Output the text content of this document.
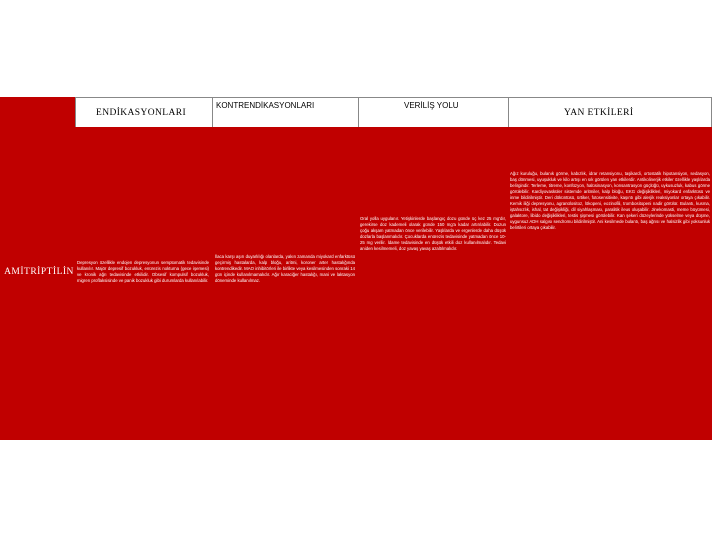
ENDİKASYONLARI
KONTRENDİKASYONLARI	VERİLİŞ YOLU
YAN ETKİLERİ
AMİTRİPTİLİN
Depresyon özellikle endojen depresyonun semptomatik tedavisinde kullanılır. Majör depresif bozukluk, enürezis nokturna (gece işemesi) ve kronik ağrı tedavisinde etkilidir. Obsesif kompulsif bozukluk, migren proflaksisinde ve panik bozukluk gibi durumlarda kullanılabilir.
İlaca karşı aşırı duyarlılığı olanlarda, yakın zamanda miyokard enfarktüsü geçirmiş hastalarda, kalp bloğu, aritmi, koroner arter hastalığında kontrendikedir. MAO inhibitörleri ile birlikte veya kesilmesinden sonraki 14 gün içinde kullanılmamalıdır. Ağır karaciğer hastalığı, mani ve laktasyon döneminde kullanılmaz.
Oral yolla uygulanır. Yetişkinlerde başlangıç dozu günde üç kez 25 mg'dır, gerekirse doz kademeli olarak günde 150 mg'a kadar artırılabilir. Dozun çoğu akşam yatmadan önce verilebilir. Yaşlılarda ve ergenlerde daha düşük dozlarla başlanmalıdır. Çocuklarda enürezis tedavisinde yatmadan önce 10-25 mg verilir. İdame tedavisinde en düşük etkili doz kullanılmalıdır. Tedavi aniden kesilmemeli, doz yavaş yavaş azaltılmalıdır.
Ağız kuruluğu, bulanık görme, kabızlık, idrar retansiyonu, taşikardi, ortostatik hipotansiyon, sedasyon, baş dönmesi, uyuşukluk ve kilo artışı en sık görülen yan etkilerdir. Antikolinerjik etkiler özellikle yaşlılarda belirgindir. Terleme, titreme, konfüzyon, halüsinasyon, konsantrasyon güçlüğü, uykusuzluk, kabus görme görülebilir. Kardiyovasküler sistemde aritmiler, kalp bloğu, EKG değişiklikleri, miyokard enfarktüsü ve inme bildirilmiştir. Deri döküntüsü, ürtiker, fotosensitivite, kaşıntı gibi alerjik reaksiyonlar ortaya çıkabilir. Kemik iliği depresyonu, agranülositoz, lökopeni, eozinofili, trombositopeni nadir görülür. Bulantı, kusma, iştahsızlık, ishal, tat değişikliği, dil siyahlaşması, paralitik ileus oluşabilir. Jinekomasti, meme büyümesi, galaktore, libido değişiklikleri, testis şişmesi görülebilir. Kan şekeri düzeylerinde yükselme veya düşme, uygunsuz ADH salgısı sendromu bildirilmiştir. Ani kesilmede bulantı, baş ağrısı ve halsizlik gibi yoksunluk belirtileri ortaya çıkabilir.
